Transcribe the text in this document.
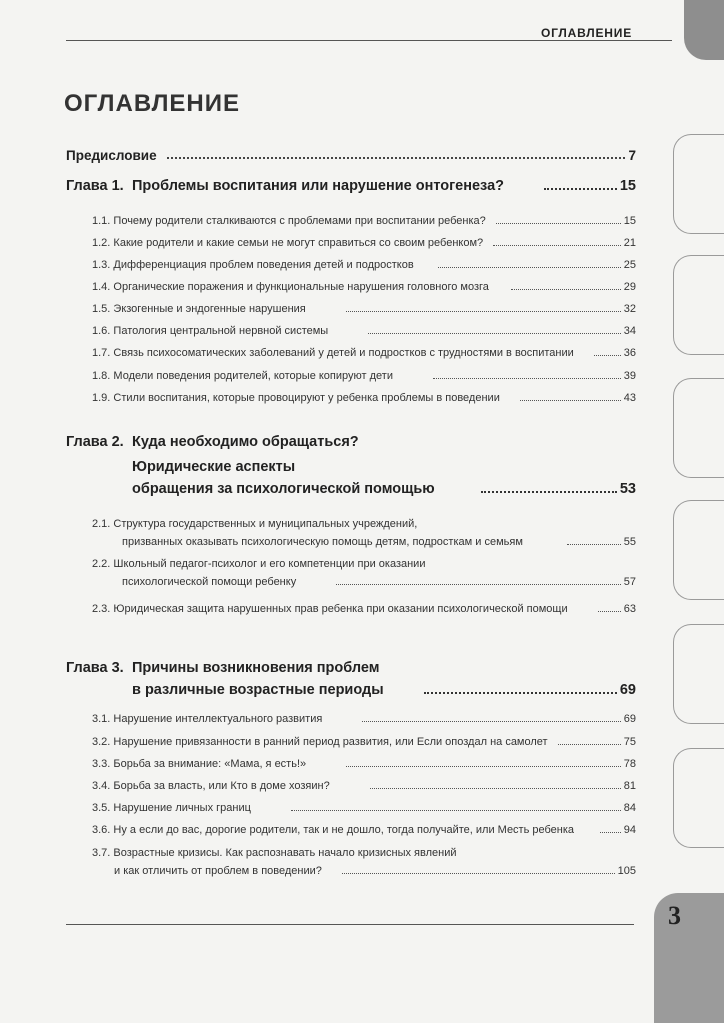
ОГЛАВЛЕНИЕ
3
ОГЛАВЛЕНИЕ
Предисловие	7
Глава 1. Проблемы воспитания или нарушение онтогенеза?	15
1.1. Почему родители сталкиваются с проблемами при воспитании ребенка?	15
1.2. Какие родители и какие семьи не могут справиться со своим ребенком?	21
1.3. Дифференциация проблем поведения детей и подростков	25
1.4. Органические поражения и функциональные нарушения головного мозга	29
1.5. Экзогенные и эндогенные нарушения	32
1.6. Патология центральной нервной системы	34
1.7. Связь психосоматических заболеваний у детей и подростков с трудностями в воспитании	36
1.8. Модели поведения родителей, которые копируют дети	39
1.9. Стили воспитания, которые провоцируют у ребенка проблемы в поведении	43
Глава 2. Куда необходимо обращаться?
Юридические аспекты
обращения за психологической помощью	53
2.1. Структура государственных и муниципальных учреждений,
призванных оказывать психологическую помощь детям, подросткам и семьям	55
2.2. Школьный педагог-психолог и его компетенции при оказании
психологической помощи ребенку	57
2.3. Юридическая защита нарушенных прав ребенка при оказании психологической помощи	63
Глава 3. Причины возникновения проблем
в различные возрастные периоды	69
3.1. Нарушение интеллектуального развития	69
3.2. Нарушение привязанности в ранний период развития, или Если опоздал на самолет	75
3.3. Борьба за внимание: «Мама, я есть!»	78
3.4. Борьба за власть, или Кто в доме хозяин?	81
3.5. Нарушение личных границ	84
3.6. Ну а если до вас, дорогие родители, так и не дошло, тогда получайте, или Месть ребенка	94
3.7. Возрастные кризисы. Как распознавать начало кризисных явлений
и как отличить от проблем в поведении?	105
